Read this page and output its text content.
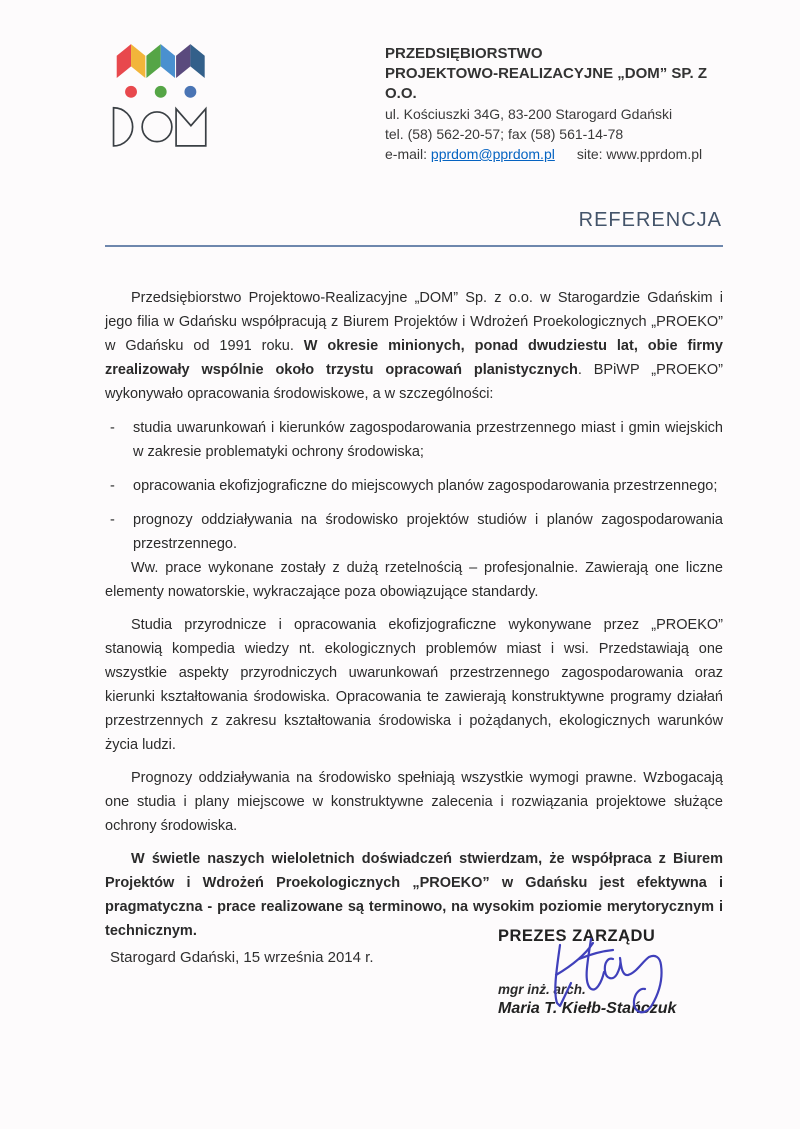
PRZEDSIĘBIORSTWO
PROJEKTOWO-REALIZACYJNE „DOM” SP. Z O.O.
ul. Kościuszki 34G, 83-200 Starogard Gdański
tel. (58) 562-20-57; fax (58) 561-14-78
e-mail: pprdom@pprdom.pl site: www.pprdom.pl
REFERENCJA

Przedsiębiorstwo Projektowo-Realizacyjne „DOM” Sp. z o.o. w Starogardzie Gdańskim i jego filia w Gdańsku współpracują z Biurem Projektów i Wdrożeń Proekologicznych „PROEKO” w Gdańsku od 1991 roku. W okresie minionych, ponad dwudziestu lat, obie firmy zrealizowały wspólnie około trzystu opracowań planistycznych. BPiWP „PROEKO” wykonywało opracowania środowiskowe, a w szczególności:

- studia uwarunkowań i kierunków zagospodarowania przestrzennego miast i gmin wiejskich w zakresie problematyki ochrony środowiska;
- opracowania ekofizjograficzne do miejscowych planów zagospodarowania przestrzennego;
- prognozy oddziaływania na środowisko projektów studiów i planów zagospodarowania przestrzennego.

Ww. prace wykonane zostały z dużą rzetelnością – profesjonalnie. Zawierają one liczne elementy nowatorskie, wykraczające poza obowiązujące standardy.

Studia przyrodnicze i opracowania ekofizjograficzne wykonywane przez „PROEKO” stanowią kompedia wiedzy nt. ekologicznych problemów miast i wsi. Przedstawiają one wszystkie aspekty przyrodniczych uwarunkowań przestrzennego zagospodarowania oraz kierunki kształtowania środowiska. Opracowania te zawierają konstruktywne programy działań przestrzennych z zakresu kształtowania środowiska i pożądanych, ekologicznych warunków życia ludzi.

Prognozy oddziaływania na środowisko spełniają wszystkie wymogi prawne. Wzbogacają one studia i plany miejscowe w konstruktywne zalecenia i rozwiązania projektowe służące ochrony środowiska.

W świetle naszych wieloletnich doświadczeń stwierdzam, że współpraca z Biurem Projektów i Wdrożeń Proekologicznych „PROEKO” w Gdańsku jest efektywna i pragmatyczna - prace realizowane są terminowo, na wysokim poziomie merytorycznym i technicznym.

Starogard Gdański, 15 września 2014 r.
PREZES ZARZĄDU
mgr inż. arch.
Maria T. Kiełb-Stańczuk
